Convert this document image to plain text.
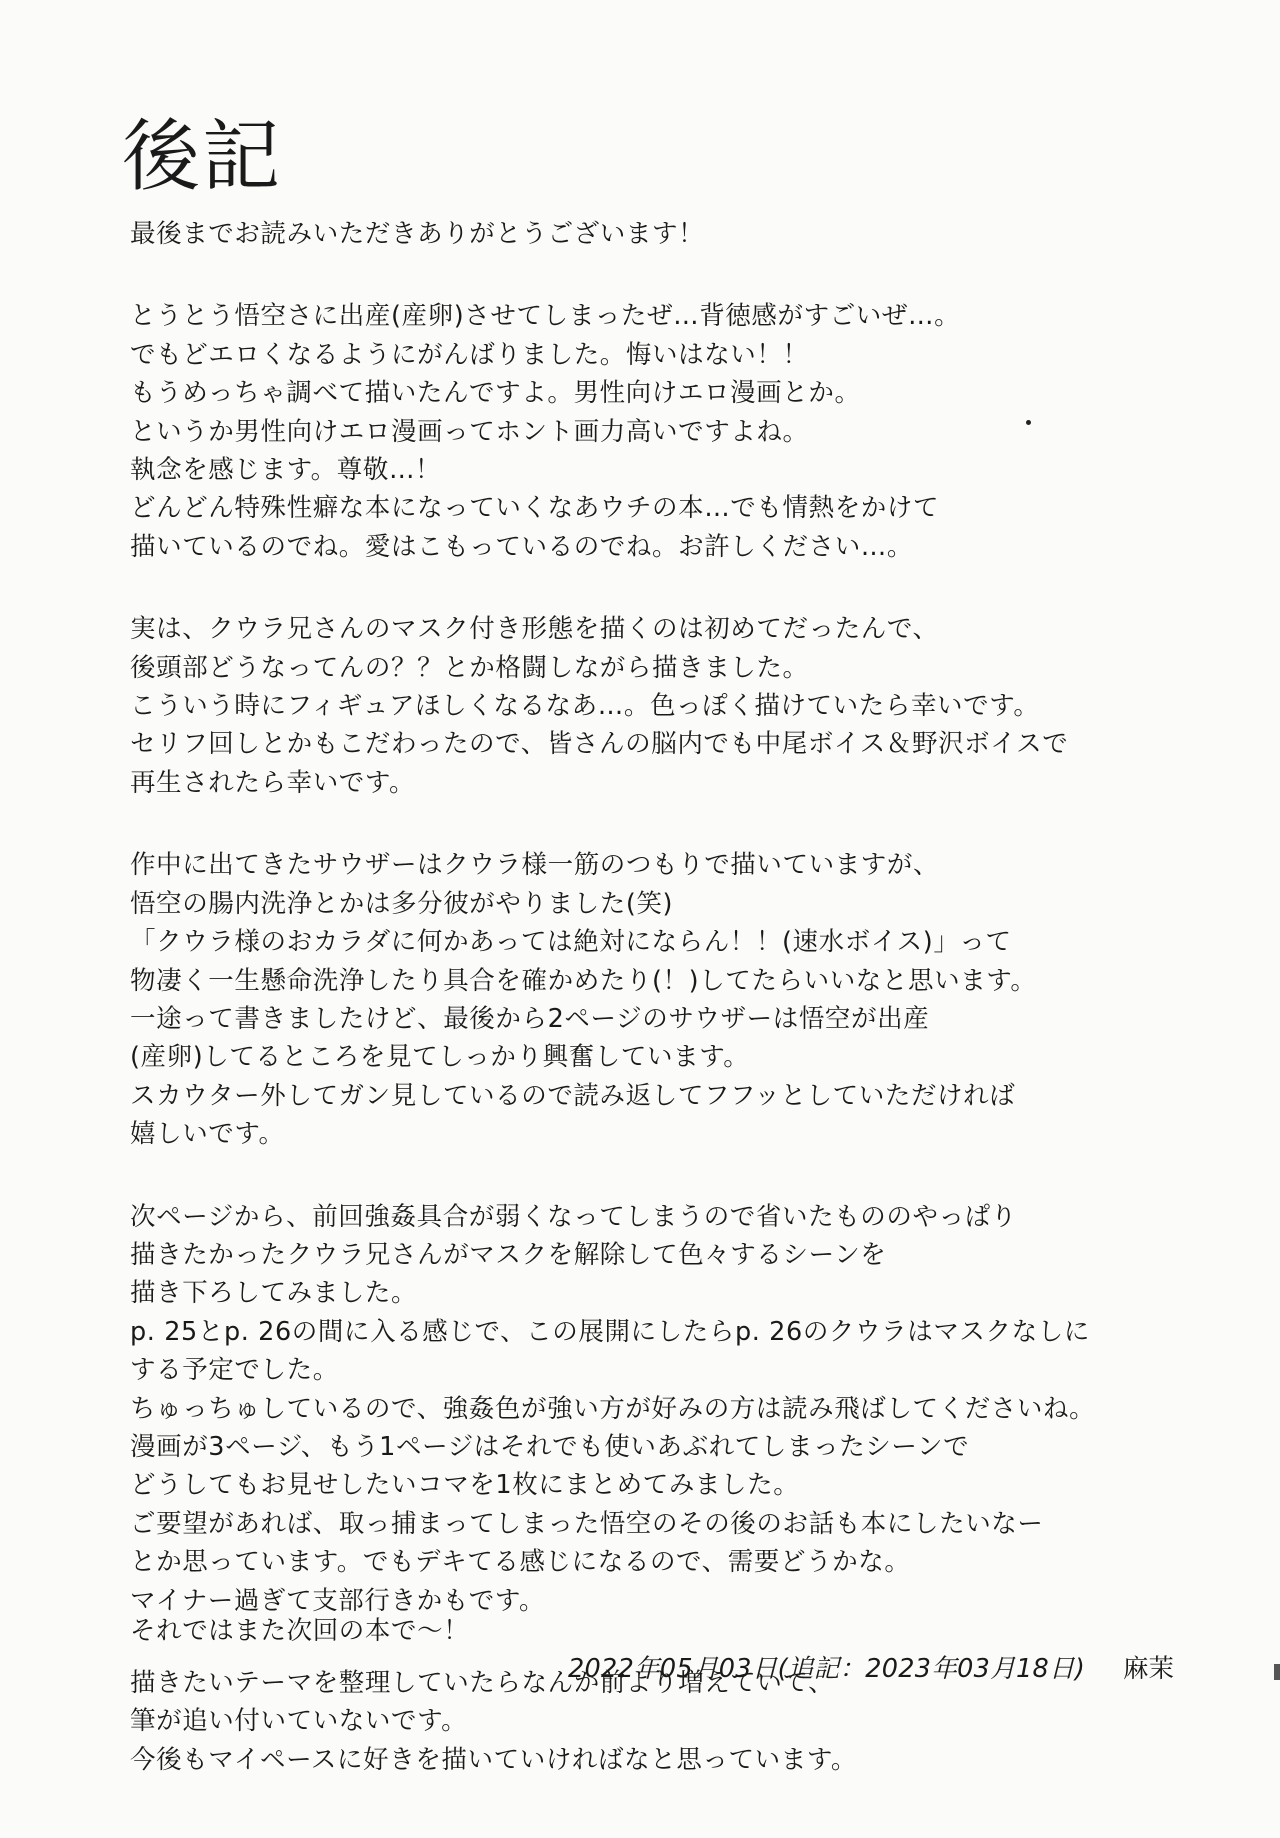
後記
最後までお読みいただきありがとうございます！
とうとう悟空さに出産(産卵)させてしまったぜ…背徳感がすごいぜ…。
でもどエロくなるようにがんばりました。悔いはない！！
もうめっちゃ調べて描いたんですよ。男性向けエロ漫画とか。
というか男性向けエロ漫画ってホント画力高いですよね。
執念を感じます。尊敬…！
どんどん特殊性癖な本になっていくなあウチの本…でも情熱をかけて
描いているのでね。愛はこもっているのでね。お許しください…。
実は、クウラ兄さんのマスク付き形態を描くのは初めてだったんで、
後頭部どうなってんの？？とか格闘しながら描きました。
こういう時にフィギュアほしくなるなあ…。色っぽく描けていたら幸いです。
セリフ回しとかもこだわったので、皆さんの脳内でも中尾ボイス＆野沢ボイスで
再生されたら幸いです。
作中に出てきたサウザーはクウラ様一筋のつもりで描いていますが、
悟空の腸内洗浄とかは多分彼がやりました(笑)
「クウラ様のおカラダに何かあっては絶対にならん！！(速水ボイス)」って
物凄く一生懸命洗浄したり具合を確かめたり(！)してたらいいなと思います。
一途って書きましたけど、最後から2ページのサウザーは悟空が出産
(産卵)してるところを見てしっかり興奮しています。
スカウター外してガン見しているので読み返してフフッとしていただければ
嬉しいです。
次ページから、前回強姦具合が弱くなってしまうので省いたもののやっぱり
描きたかったクウラ兄さんがマスクを解除して色々するシーンを
描き下ろしてみました。
p. 25とp. 26の間に入る感じで、この展開にしたらp. 26のクウラはマスクなしに
する予定でした。
ちゅっちゅしているので、強姦色が強い方が好みの方は読み飛ばしてくださいね。
漫画が3ページ、もう1ページはそれでも使いあぶれてしまったシーンで
どうしてもお見せしたいコマを1枚にまとめてみました。
ご要望があれば、取っ捕まってしまった悟空のその後のお話も本にしたいなー
とか思っています。でもデキてる感じになるので、需要どうかな。
マイナー過ぎて支部行きかもです。
描きたいテーマを整理していたらなんか前より増えていて、
筆が追い付いていないです。
今後もマイペースに好きを描いていければなと思っています。
それではまた次回の本で〜！
2022年05月03日(追記：2023年03月18日) 麻茉
